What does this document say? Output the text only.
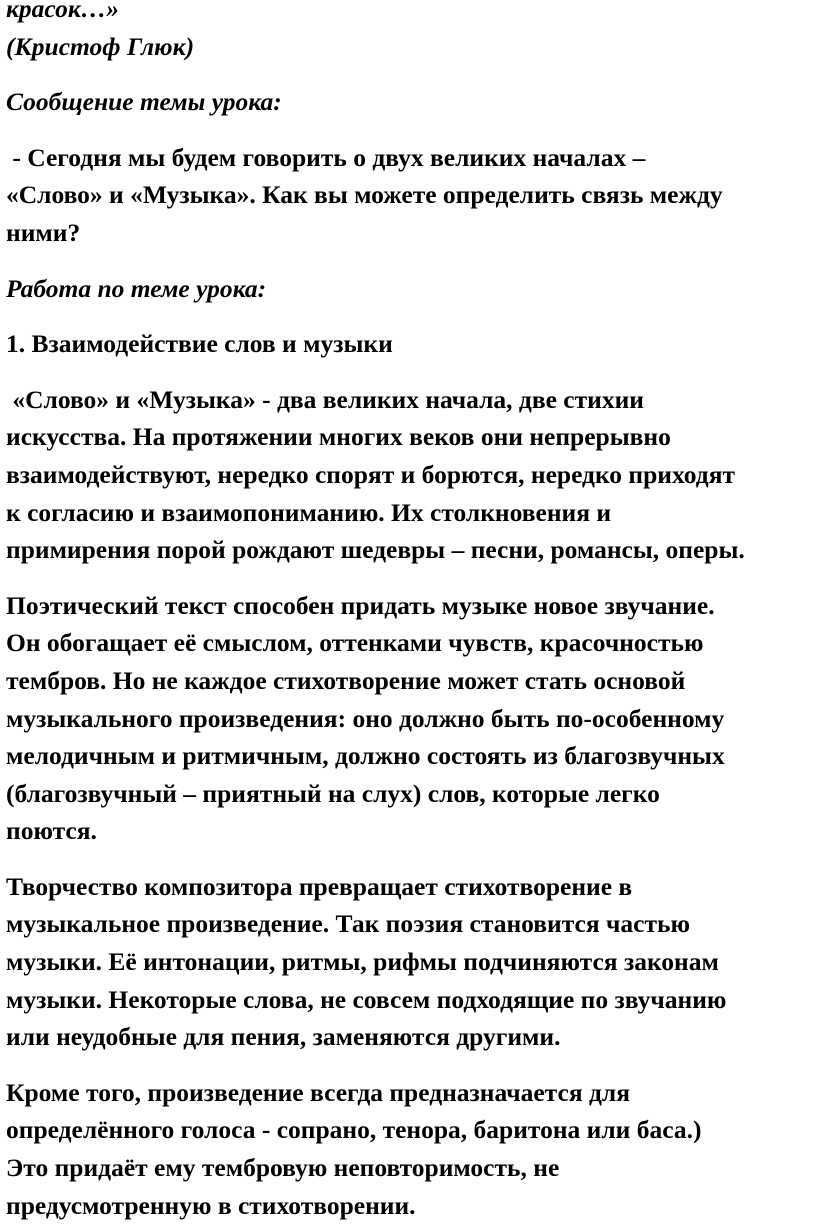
красок…»

(Кристоф Глюк)

Сообщение темы урока:

- Сегодня мы будем говорить о двух великих началах –
«Слово» и «Музыка». Как вы можете определить связь между
ними?

Работа по теме урока:

1. Взаимодействие слов и музыки

«Слово» и «Музыка» - два великих начала, две стихии
искусства. На протяжении многих веков они непрерывно
взаимодействуют, нередко спорят и борются, нередко приходят
к согласию и взаимопониманию. Их столкновения и
примирения порой рождают шедевры – песни, романсы, оперы.

Поэтический текст способен придать музыке новое звучание.
Он обогащает её смыслом, оттенками чувств, красочностью
тембров. Но не каждое стихотворение может стать основой
музыкального произведения: оно должно быть по-особенному
мелодичным и ритмичным, должно состоять из благозвучных
(благозвучный – приятный на слух) слов, которые легко
поются.

Творчество композитора превращает стихотворение в
музыкальное произведение. Так поэзия становится частью
музыки. Её интонации, ритмы, рифмы подчиняются законам
музыки. Некоторые слова, не совсем подходящие по звучанию
или неудобные для пения, заменяются другими.

Кроме того, произведение всегда предназначается для
определённого голоса - сопрано, тенора, баритона или баса.)
Это придаёт ему тембровую неповторимость, не
предусмотренную в стихотворении.
